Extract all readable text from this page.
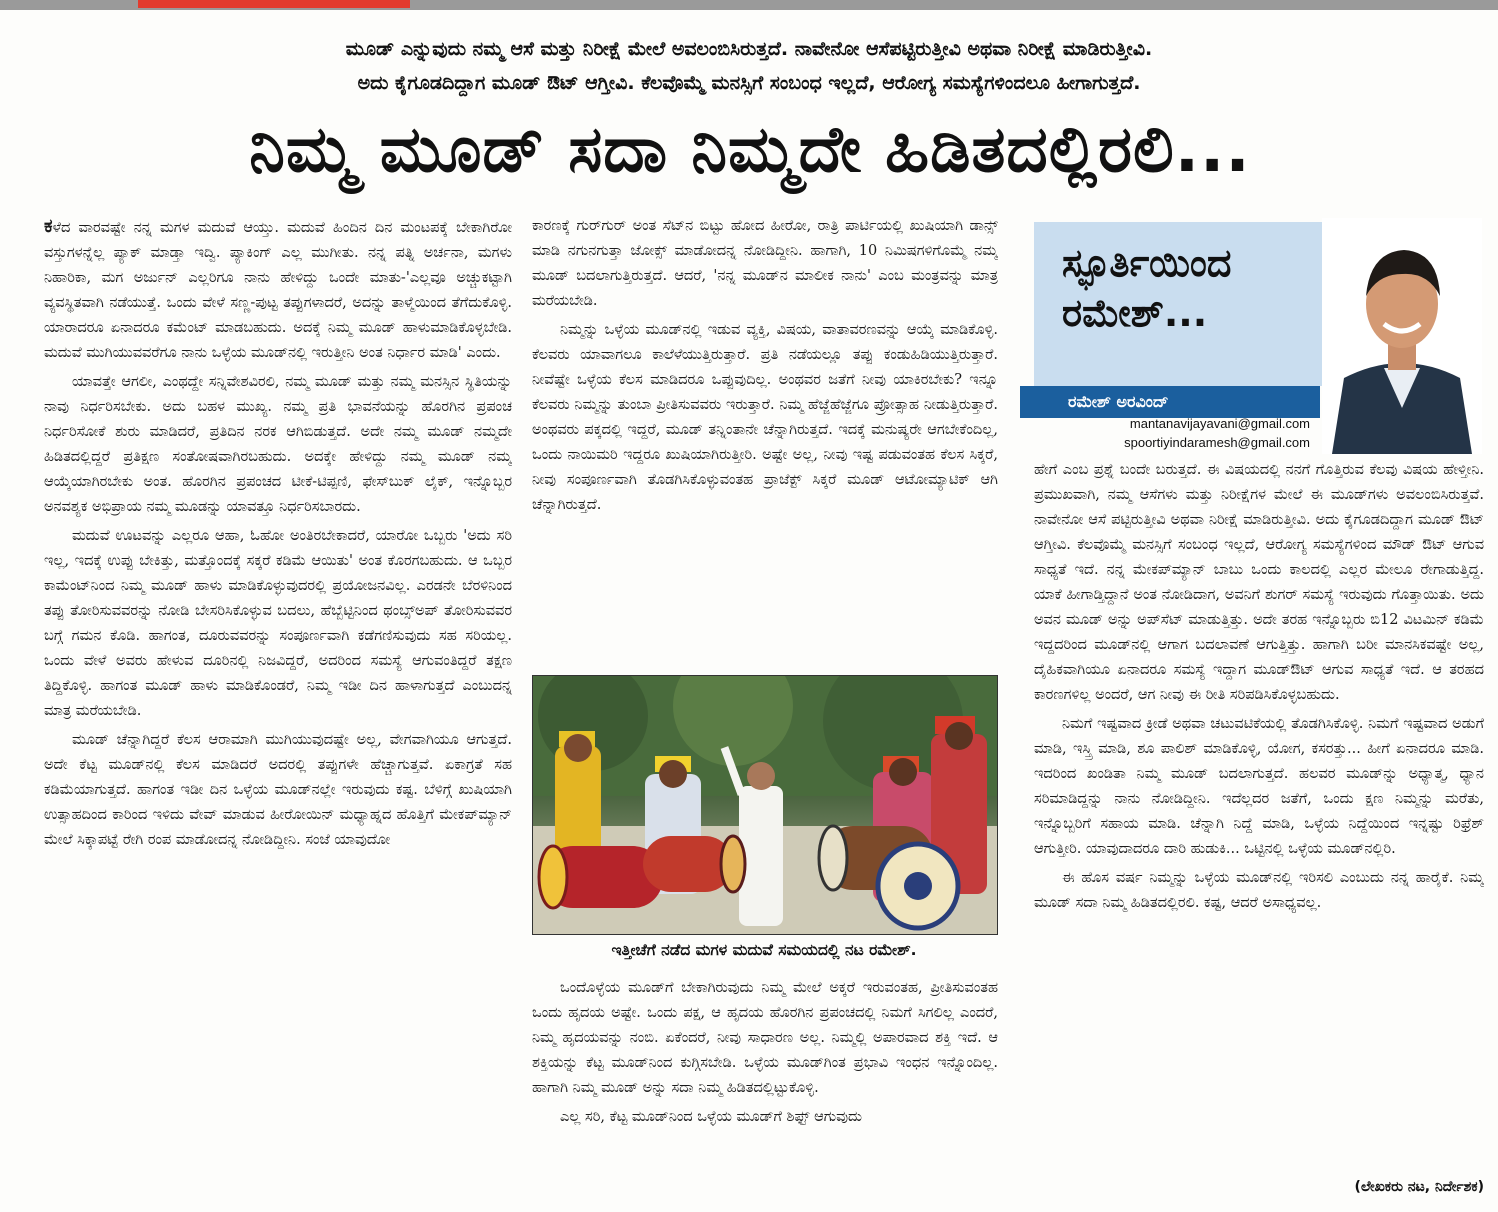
ಮೂಡ್ ಎನ್ನುವುದು ನಮ್ಮ ಆಸೆ ಮತ್ತು ನಿರೀಕ್ಷೆ ಮೇಲೆ ಅವಲಂಬಿಸಿರುತ್ತದೆ. ನಾವೇನೋ ಆಸೆಪಟ್ಟಿರುತ್ತೀವಿ ಅಥವಾ ನಿರೀಕ್ಷೆ ಮಾಡಿರುತ್ತೀವಿ.
ಅದು ಕೈಗೂಡದಿದ್ದಾಗ ಮೂಡ್ ಔಟ್ ಆಗ್ತೀವಿ. ಕೆಲವೊಮ್ಮೆ ಮನಸ್ಸಿಗೆ ಸಂಬಂಧ ಇಲ್ಲದೆ, ಆರೋಗ್ಯ ಸಮಸ್ಯೆಗಳಿಂದಲೂ ಹೀಗಾಗುತ್ತದೆ.
ನಿಮ್ಮ ಮೂಡ್ ಸದಾ ನಿಮ್ಮದೇ ಹಿಡಿತದಲ್ಲಿರಲಿ...

ಕಳೆದ ವಾರವಷ್ಟೇ ನನ್ನ ಮಗಳ ಮದುವೆ ಆಯ್ತು. ಮದುವೆ ಹಿಂದಿನ ದಿನ ಮಂಟಪಕ್ಕೆ ಬೇಕಾಗಿರೋ ವಸ್ತುಗಳನ್ನೆಲ್ಲ ಪ್ಯಾಕ್ ಮಾಡ್ತಾ ಇದ್ವಿ. ಪ್ಯಾಕಿಂಗ್ ಎಲ್ಲ ಮುಗೀತು. ನನ್ನ ಪತ್ನಿ ಅರ್ಚನಾ, ಮಗಳು ನಿಹಾರಿಕಾ, ಮಗ ಅರ್ಜುನ್ ಎಲ್ಲರಿಗೂ ನಾನು ಹೇಳಿದ್ದು ಒಂದೇ ಮಾತು-'ಎಲ್ಲವೂ ಅಚ್ಚುಕಟ್ಟಾಗಿ ವ್ಯವಸ್ಥಿತವಾಗಿ ನಡೆಯುತ್ತೆ. ಒಂದು ವೇಳೆ ಸಣ್ಣ-ಪುಟ್ಟ ತಪ್ಪುಗಳಾದರೆ, ಅದನ್ನು ತಾಳ್ಮೆಯಿಂದ ತೆಗೆದುಕೊಳ್ಳಿ. ಯಾರಾದರೂ ಏನಾದರೂ ಕಮೆಂಟ್ ಮಾಡಬಹುದು. ಅದಕ್ಕೆ ನಿಮ್ಮ ಮೂಡ್ ಹಾಳುಮಾಡಿಕೊಳ್ಳಬೇಡಿ. ಮದುವೆ ಮುಗಿಯುವವರೆಗೂ ನಾನು ಒಳ್ಳೆಯ ಮೂಡ್‌ನಲ್ಲಿ ಇರುತ್ತೀನಿ ಅಂತ ನಿರ್ಧಾರ ಮಾಡಿ' ಎಂದು.

ಯಾವತ್ತೇ ಆಗಲೀ, ಎಂಥದ್ದೇ ಸನ್ನಿವೇಶವಿರಲಿ, ನಮ್ಮ ಮೂಡ್ ಮತ್ತು ನಮ್ಮ ಮನಸ್ಸಿನ ಸ್ಥಿತಿಯನ್ನು ನಾವು ನಿರ್ಧರಿಸಬೇಕು. ಅದು ಬಹಳ ಮುಖ್ಯ. ನಮ್ಮ ಪ್ರತಿ ಭಾವನೆಯನ್ನು ಹೊರಗಿನ ಪ್ರಪಂಚ ನಿರ್ಧರಿಸೋಕೆ ಶುರು ಮಾಡಿದರೆ, ಪ್ರತಿದಿನ ನರಕ ಆಗಿಬಿಡುತ್ತದೆ. ಅದೇ ನಮ್ಮ ಮೂಡ್ ನಮ್ಮದೇ ಹಿಡಿತದಲ್ಲಿದ್ದರೆ ಪ್ರತಿಕ್ಷಣ ಸಂತೋಷವಾಗಿರಬಹುದು. ಅದಕ್ಕೇ ಹೇಳಿದ್ದು ನಮ್ಮ ಮೂಡ್ ನಮ್ಮ ಆಯ್ಕೆಯಾಗಿರಬೇಕು ಅಂತ. ಹೊರಗಿನ ಪ್ರಪಂಚದ ಟೀಕೆ-ಟಿಪ್ಪಣಿ, ಫೇಸ್‌ಬುಕ್ ಲೈಕ್, ಇನ್ನೊಬ್ಬರ ಅನವಶ್ಯಕ ಅಭಿಪ್ರಾಯ ನಮ್ಮ ಮೂಡನ್ನು ಯಾವತ್ತೂ ನಿರ್ಧರಿಸಬಾರದು.

ಮದುವೆ ಊಟವನ್ನು ಎಲ್ಲರೂ ಆಹಾ, ಓಹೋ ಅಂತಿರಬೇಕಾದರೆ, ಯಾರೋ ಒಬ್ಬರು 'ಅದು ಸರಿ ಇಲ್ಲ, ಇದಕ್ಕೆ ಉಪ್ಪು ಬೇಕಿತ್ತು, ಮತ್ತೊಂದಕ್ಕೆ ಸಕ್ಕರೆ ಕಡಿಮೆ ಆಯಿತು' ಅಂತ ಕೊರಗಬಹುದು. ಆ ಒಬ್ಬರ ಕಾಮೆಂಟ್‌ನಿಂದ ನಿಮ್ಮ ಮೂಡ್ ಹಾಳು ಮಾಡಿಕೊಳ್ಳುವುದರಲ್ಲಿ ಪ್ರಯೋಜನವಿಲ್ಲ. ಎರಡನೇ ಬೆರಳಿನಿಂದ ತಪ್ಪು ತೋರಿಸುವವರನ್ನು ನೋಡಿ ಬೇಸರಿಸಿಕೊಳ್ಳುವ ಬದಲು, ಹೆಬ್ಬೆಟ್ಟಿನಿಂದ ಥಂಬ್ಸ್‌ಅಪ್ ತೋರಿಸುವವರ ಬಗ್ಗೆ ಗಮನ ಕೊಡಿ. ಹಾಗಂತ, ದೂರುವವರನ್ನು ಸಂಪೂರ್ಣವಾಗಿ ಕಡೆಗಣಿಸುವುದು ಸಹ ಸರಿಯಲ್ಲ. ಒಂದು ವೇಳೆ ಅವರು ಹೇಳುವ ದೂರಿನಲ್ಲಿ ನಿಜವಿದ್ದರೆ, ಅದರಿಂದ ಸಮಸ್ಯೆ ಆಗುವಂತಿದ್ದರೆ ತಕ್ಷಣ ತಿದ್ದಿಕೊಳ್ಳಿ. ಹಾಗಂತ ಮೂಡ್ ಹಾಳು ಮಾಡಿಕೊಂಡರೆ, ನಿಮ್ಮ ಇಡೀ ದಿನ ಹಾಳಾಗುತ್ತದೆ ಎಂಬುದನ್ನ ಮಾತ್ರ ಮರೆಯಬೇಡಿ.

ಮೂಡ್ ಚೆನ್ನಾಗಿದ್ದರೆ ಕೆಲಸ ಆರಾಮಾಗಿ ಮುಗಿಯುವುದಷ್ಟೇ ಅಲ್ಲ, ವೇಗವಾಗಿಯೂ ಆಗುತ್ತದೆ. ಅದೇ ಕೆಟ್ಟ ಮೂಡ್‌ನಲ್ಲಿ ಕೆಲಸ ಮಾಡಿದರೆ ಅದರಲ್ಲಿ ತಪ್ಪುಗಳೇ ಹೆಚ್ಚಾಗುತ್ತವೆ. ಏಕಾಗ್ರತೆ ಸಹ ಕಡಿಮೆಯಾಗುತ್ತದೆ. ಹಾಗಂತ ಇಡೀ ದಿನ ಒಳ್ಳೆಯ ಮೂಡ್‌ನಲ್ಲೇ ಇರುವುದು ಕಷ್ಟ. ಬೆಳಿಗ್ಗೆ ಖುಷಿಯಾಗಿ ಉತ್ಸಾಹದಿಂದ ಕಾರಿಂದ ಇಳಿದು ವೇವ್ ಮಾಡುವ ಹೀರೋಯಿನ್ ಮಧ್ಯಾಹ್ನದ ಹೊತ್ತಿಗೆ ಮೇಕಪ್‌ಮ್ಯಾನ್ ಮೇಲೆ ಸಿಕ್ಕಾಪಟ್ಟೆ ರೇಗಿ ರಂಪ ಮಾಡೋದನ್ನ ನೋಡಿದ್ದೀನಿ. ಸಂಜೆ ಯಾವುದೋ

ಕಾರಣಕ್ಕೆ ಗುರ್‌ಗುರ್ ಅಂತ ಸೆಟ್‌ನ ಬಿಟ್ಟು ಹೋದ ಹೀರೋ, ರಾತ್ರಿ ಪಾರ್ಟಿಯಲ್ಲಿ ಖುಷಿಯಾಗಿ ಡಾನ್ಸ್ ಮಾಡಿ ನಗುನಗುತ್ತಾ ಜೋಕ್ಸ್ ಮಾಡೋದನ್ನ ನೋಡಿದ್ದೀನಿ. ಹಾಗಾಗಿ, 10 ನಿಮಿಷಗಳಿಗೊಮ್ಮೆ ನಮ್ಮ ಮೂಡ್ ಬದಲಾಗುತ್ತಿರುತ್ತದೆ. ಆದರೆ, 'ನನ್ನ ಮೂಡ್‌ನ ಮಾಲೀಕ ನಾನು' ಎಂಬ ಮಂತ್ರವನ್ನು ಮಾತ್ರ ಮರೆಯಬೇಡಿ.

ನಿಮ್ಮನ್ನು ಒಳ್ಳೆಯ ಮೂಡ್‌ನಲ್ಲಿ ಇಡುವ ವ್ಯಕ್ತಿ, ವಿಷಯ, ವಾತಾವರಣವನ್ನು ಆಯ್ಕೆ ಮಾಡಿಕೊಳ್ಳಿ. ಕೆಲವರು ಯಾವಾಗಲೂ ಕಾಲೆಳೆಯುತ್ತಿರುತ್ತಾರೆ. ಪ್ರತಿ ನಡೆಯಲ್ಲೂ ತಪ್ಪು ಕಂಡುಹಿಡಿಯುತ್ತಿರುತ್ತಾರೆ. ನೀವೆಷ್ಟೇ ಒಳ್ಳೆಯ ಕೆಲಸ ಮಾಡಿದರೂ ಒಪ್ಪುವುದಿಲ್ಲ. ಅಂಥವರ ಜತೆಗೆ ನೀವು ಯಾಕಿರಬೇಕು? ಇನ್ನೂ ಕೆಲವರು ನಿಮ್ಮನ್ನು ತುಂಬಾ ಪ್ರೀತಿಸುವವರು ಇರುತ್ತಾರೆ. ನಿಮ್ಮ ಹೆಜ್ಜೆಹೆಜ್ಜೆಗೂ ಪ್ರೋತ್ಸಾಹ ನೀಡುತ್ತಿರುತ್ತಾರೆ. ಅಂಥವರು ಪಕ್ಕದಲ್ಲಿ ಇದ್ದರೆ, ಮೂಡ್ ತನ್ನಿಂತಾನೇ ಚೆನ್ನಾಗಿರುತ್ತದೆ. ಇದಕ್ಕೆ ಮನುಷ್ಯರೇ ಆಗಬೇಕೆಂದಿಲ್ಲ, ಒಂದು ನಾಯಿಮರಿ ಇದ್ದರೂ ಖುಷಿಯಾಗಿರುತ್ತೀರಿ. ಅಷ್ಟೇ ಅಲ್ಲ, ನೀವು ಇಷ್ಟ ಪಡುವಂತಹ ಕೆಲಸ ಸಿಕ್ಕರೆ, ನೀವು ಸಂಪೂರ್ಣವಾಗಿ ತೊಡಗಿಸಿಕೊಳ್ಳುವಂತಹ ಪ್ರಾಜೆಕ್ಟ್ ಸಿಕ್ಕರೆ ಮೂಡ್ ಆಟೋಮ್ಯಾಟಿಕ್ ಆಗಿ ಚೆನ್ನಾಗಿರುತ್ತದೆ.

ಇತ್ತೀಚೆಗೆ ನಡೆದ ಮಗಳ ಮದುವೆ ಸಮಯದಲ್ಲಿ ನಟ ರಮೇಶ್.

ಒಂದೊಳ್ಳೆಯ ಮೂಡ್‌ಗೆ ಬೇಕಾಗಿರುವುದು ನಿಮ್ಮ ಮೇಲೆ ಅಕ್ಕರೆ ಇರುವಂತಹ, ಪ್ರೀತಿಸುವಂತಹ ಒಂದು ಹೃದಯ ಅಷ್ಟೇ. ಒಂದು ಪಕ್ಷ, ಆ ಹೃದಯ ಹೊರಗಿನ ಪ್ರಪಂಚದಲ್ಲಿ ನಿಮಗೆ ಸಿಗಲಿಲ್ಲ ಎಂದರೆ, ನಿಮ್ಮ ಹೃದಯವನ್ನು ನಂಬಿ. ಏಕೆಂದರೆ, ನೀವು ಸಾಧಾರಣ ಅಲ್ಲ. ನಿಮ್ಮಲ್ಲಿ ಅಪಾರವಾದ ಶಕ್ತಿ ಇದೆ. ಆ ಶಕ್ತಿಯನ್ನು ಕೆಟ್ಟ ಮೂಡ್‌ನಿಂದ ಕುಗ್ಗಿಸಬೇಡಿ. ಒಳ್ಳೆಯ ಮೂಡ್‌ಗಿಂತ ಪ್ರಭಾವಿ ಇಂಧನ ಇನ್ನೊಂದಿಲ್ಲ. ಹಾಗಾಗಿ ನಿಮ್ಮ ಮೂಡ್ ಅನ್ನು ಸದಾ ನಿಮ್ಮ ಹಿಡಿತದಲ್ಲಿಟ್ಟುಕೊಳ್ಳಿ.

ಎಲ್ಲ ಸರಿ, ಕೆಟ್ಟ ಮೂಡ್‌ನಿಂದ ಒಳ್ಳೆಯ ಮೂಡ್‌ಗೆ ಶಿಫ್ಟ್ ಆಗುವುದು

ಸ್ಫೂರ್ತಿಯಿಂದ
ರಮೇಶ್...
ರಮೇಶ್ ಅರವಿಂದ್
mantanavijayavani@gmail.com
spoortiyindaramesh@gmail.com

ಹೇಗೆ ಎಂಬ ಪ್ರಶ್ನೆ ಬಂದೇ ಬರುತ್ತದೆ. ಈ ವಿಷಯದಲ್ಲಿ ನನಗೆ ಗೊತ್ತಿರುವ ಕೆಲವು ವಿಷಯ ಹೇಳ್ತೀನಿ. ಪ್ರಮುಖವಾಗಿ, ನಮ್ಮ ಆಸೆಗಳು ಮತ್ತು ನಿರೀಕ್ಷೆಗಳ ಮೇಲೆ ಈ ಮೂಡ್‌ಗಳು ಅವಲಂಬಿಸಿರುತ್ತವೆ. ನಾವೇನೋ ಆಸೆ ಪಟ್ಟಿರುತ್ತೀವಿ ಅಥವಾ ನಿರೀಕ್ಷೆ ಮಾಡಿರುತ್ತೀವಿ. ಅದು ಕೈಗೂಡದಿದ್ದಾಗ ಮೂಡ್ ಔಟ್ ಆಗ್ತೀವಿ. ಕೆಲವೊಮ್ಮೆ ಮನಸ್ಸಿಗೆ ಸಂಬಂಧ ಇಲ್ಲದೆ, ಆರೋಗ್ಯ ಸಮಸ್ಯೆಗಳಿಂದ ಮೌಡ್ ಔಟ್ ಆಗುವ ಸಾಧ್ಯತೆ ಇದೆ. ನನ್ನ ಮೇಕಪ್‌ಮ್ಯಾನ್ ಬಾಬು ಒಂದು ಕಾಲದಲ್ಲಿ ಎಲ್ಲರ ಮೇಲೂ ರೇಗಾಡುತ್ತಿದ್ದ. ಯಾಕೆ ಹೀಗಾಡ್ತಿದ್ದಾನೆ ಅಂತ ನೋಡಿದಾಗ, ಅವನಿಗೆ ಶುಗರ್ ಸಮಸ್ಯೆ ಇರುವುದು ಗೊತ್ತಾಯಿತು. ಅದು ಅವನ ಮೂಡ್ ಅನ್ನು ಅಪ್‌ಸೆಟ್ ಮಾಡುತ್ತಿತ್ತು. ಅದೇ ತರಹ ಇನ್ನೊಬ್ಬರು ಬಿ12 ವಿಟಮಿನ್ ಕಡಿಮೆ ಇದ್ದದರಿಂದ ಮೂಡ್‌ನಲ್ಲಿ ಆಗಾಗ ಬದಲಾವಣೆ ಆಗುತ್ತಿತ್ತು. ಹಾಗಾಗಿ ಬರೀ ಮಾನಸಿಕವಷ್ಟೇ ಅಲ್ಲ, ದೈಹಿಕವಾಗಿಯೂ ಏನಾದರೂ ಸಮಸ್ಯೆ ಇದ್ದಾಗ ಮೂಡ್‌ಔಟ್ ಆಗುವ ಸಾಧ್ಯತೆ ಇದೆ. ಆ ತರಹದ ಕಾರಣಗಳಿಲ್ಲ ಅಂದರೆ, ಆಗ ನೀವು ಈ ರೀತಿ ಸರಿಪಡಿಸಿಕೊಳ್ಳಬಹುದು.

ನಿಮಗೆ ಇಷ್ಟವಾದ ಕ್ರೀಡೆ ಅಥವಾ ಚಟುವಟಿಕೆಯಲ್ಲಿ ತೊಡಗಿಸಿಕೊಳ್ಳಿ. ನಿಮಗೆ ಇಷ್ಟವಾದ ಅಡುಗೆ ಮಾಡಿ, ಇಸ್ತ್ರಿ ಮಾಡಿ, ಶೂ ಪಾಲಿಶ್ ಮಾಡಿಕೊಳ್ಳಿ, ಯೋಗ, ಕಸರತ್ತು... ಹೀಗೆ ಏನಾದರೂ ಮಾಡಿ. ಇದರಿಂದ ಖಂಡಿತಾ ನಿಮ್ಮ ಮೂಡ್ ಬದಲಾಗುತ್ತದೆ. ಹಲವರ ಮೂಡ್‌ನ್ನು ಅಧ್ಯಾತ್ಮ, ಧ್ಯಾನ ಸರಿಮಾಡಿದ್ದನ್ನು ನಾನು ನೋಡಿದ್ದೀನಿ. ಇದೆಲ್ಲದರ ಜತೆಗೆ, ಒಂದು ಕ್ಷಣ ನಿಮ್ಮನ್ನು ಮರೆತು, ಇನ್ನೊಬ್ಬರಿಗೆ ಸಹಾಯ ಮಾಡಿ. ಚೆನ್ನಾಗಿ ನಿದ್ದೆ ಮಾಡಿ, ಒಳ್ಳೆಯ ನಿದ್ದೆಯಿಂದ ಇನ್ನಷ್ಟು ರಿಫ್ರೆಶ್ ಆಗುತ್ತೀರಿ. ಯಾವುದಾದರೂ ದಾರಿ ಹುಡುಕಿ... ಒಟ್ಟಿನಲ್ಲಿ ಒಳ್ಳೆಯ ಮೂಡ್‌ನಲ್ಲಿರಿ.

ಈ ಹೊಸ ವರ್ಷ ನಿಮ್ಮನ್ನು ಒಳ್ಳೆಯ ಮೂಡ್‌ನಲ್ಲಿ ಇರಿಸಲಿ ಎಂಬುದು ನನ್ನ ಹಾರೈಕೆ. ನಿಮ್ಮ ಮೂಡ್ ಸದಾ ನಿಮ್ಮ ಹಿಡಿತದಲ್ಲಿರಲಿ. ಕಷ್ಟ, ಆದರೆ ಅಸಾಧ್ಯವಲ್ಲ.

(ಲೇಖಕರು ನಟ, ನಿರ್ದೇಶಕ)
